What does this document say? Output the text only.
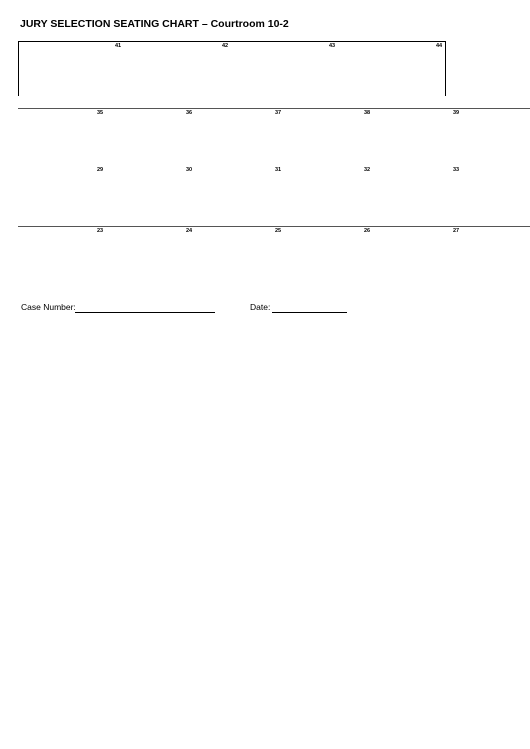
JURY SELECTION SEATING CHART – Courtroom 10-2
41	42	43	44
35	36	37	38	39
29	30	31	32	33
23	24	25	26	27
Case Number:	Date:
